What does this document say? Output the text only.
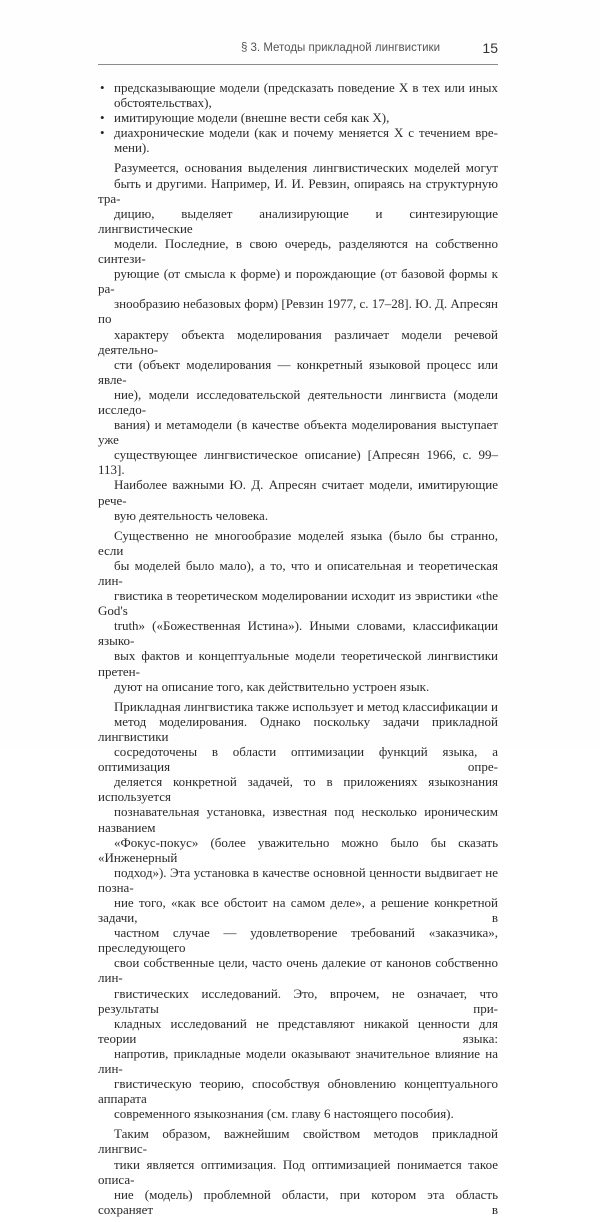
§ 3. Методы прикладной лингвистики	15
• предсказывающие модели (предсказать поведение X в тех или иных
обстоятельствах),
• имитирующие модели (внешне вести себя как X),
• диахронические модели (как и почему меняется X с течением вре-
мени).

Разумеется, основания выделения лингвистических моделей могут
быть и другими. Например, И. И. Ревзин, опираясь на структурную тра-
дицию, выделяет анализирующие и синтезирующие лингвистические
модели. Последние, в свою очередь, разделяются на собственно синтези-
рующие (от смысла к форме) и порождающие (от базовой формы к ра-
знообразию небазовых форм) [Ревзин 1977, с. 17–28]. Ю. Д. Апресян по
характеру объекта моделирования различает модели речевой деятельно-
сти (объект моделирования — конкретный языковой процесс или явле-
ние), модели исследовательской деятельности лингвиста (модели исследо-
вания) и метамодели (в качестве объекта моделирования выступает уже
существующее лингвистическое описание) [Апресян 1966, с. 99–113].
Наиболее важными Ю. Д. Апресян считает модели, имитирующие рече-
вую деятельность человека.

Существенно не многообразие моделей языка (было бы странно, если
бы моделей было мало), а то, что и описательная и теоретическая лин-
гвистика в теоретическом моделировании исходит из эвристики «the God's
truth» («Божественная Истина»). Иными словами, классификации языко-
вых фактов и концептуальные модели теоретической лингвистики претен-
дуют на описание того, как действительно устроен язык.

Прикладная лингвистика также использует и метод классификации и
метод моделирования. Однако поскольку задачи прикладной лингвистики
сосредоточены в области оптимизации функций языка, а оптимизация опре-
деляется конкретной задачей, то в приложениях языкознания используется
познавательная установка, известная под несколько ироническим названием
«Фокус-покус» (более уважительно можно было бы сказать «Инженерный
подход»). Эта установка в качестве основной ценности выдвигает не позна-
ние того, «как все обстоит на самом деле», а решение конкретной задачи, в
частном случае — удовлетворение требований «заказчика», преследующего
свои собственные цели, часто очень далекие от канонов собственно лин-
гвистических исследований. Это, впрочем, не означает, что результаты при-
кладных исследований не представляют никакой ценности для теории языка:
напротив, прикладные модели оказывают значительное влияние на лин-
гвистическую теорию, способствуя обновлению концептуального аппарата
современного языкознания (см. главу 6 настоящего пособия).

Таким образом, важнейшим свойством методов прикладной лингвис-
тики является оптимизация. Под оптимизацией понимается такое описа-
ние (модель) проблемной области, при котором эта область сохраняет в
